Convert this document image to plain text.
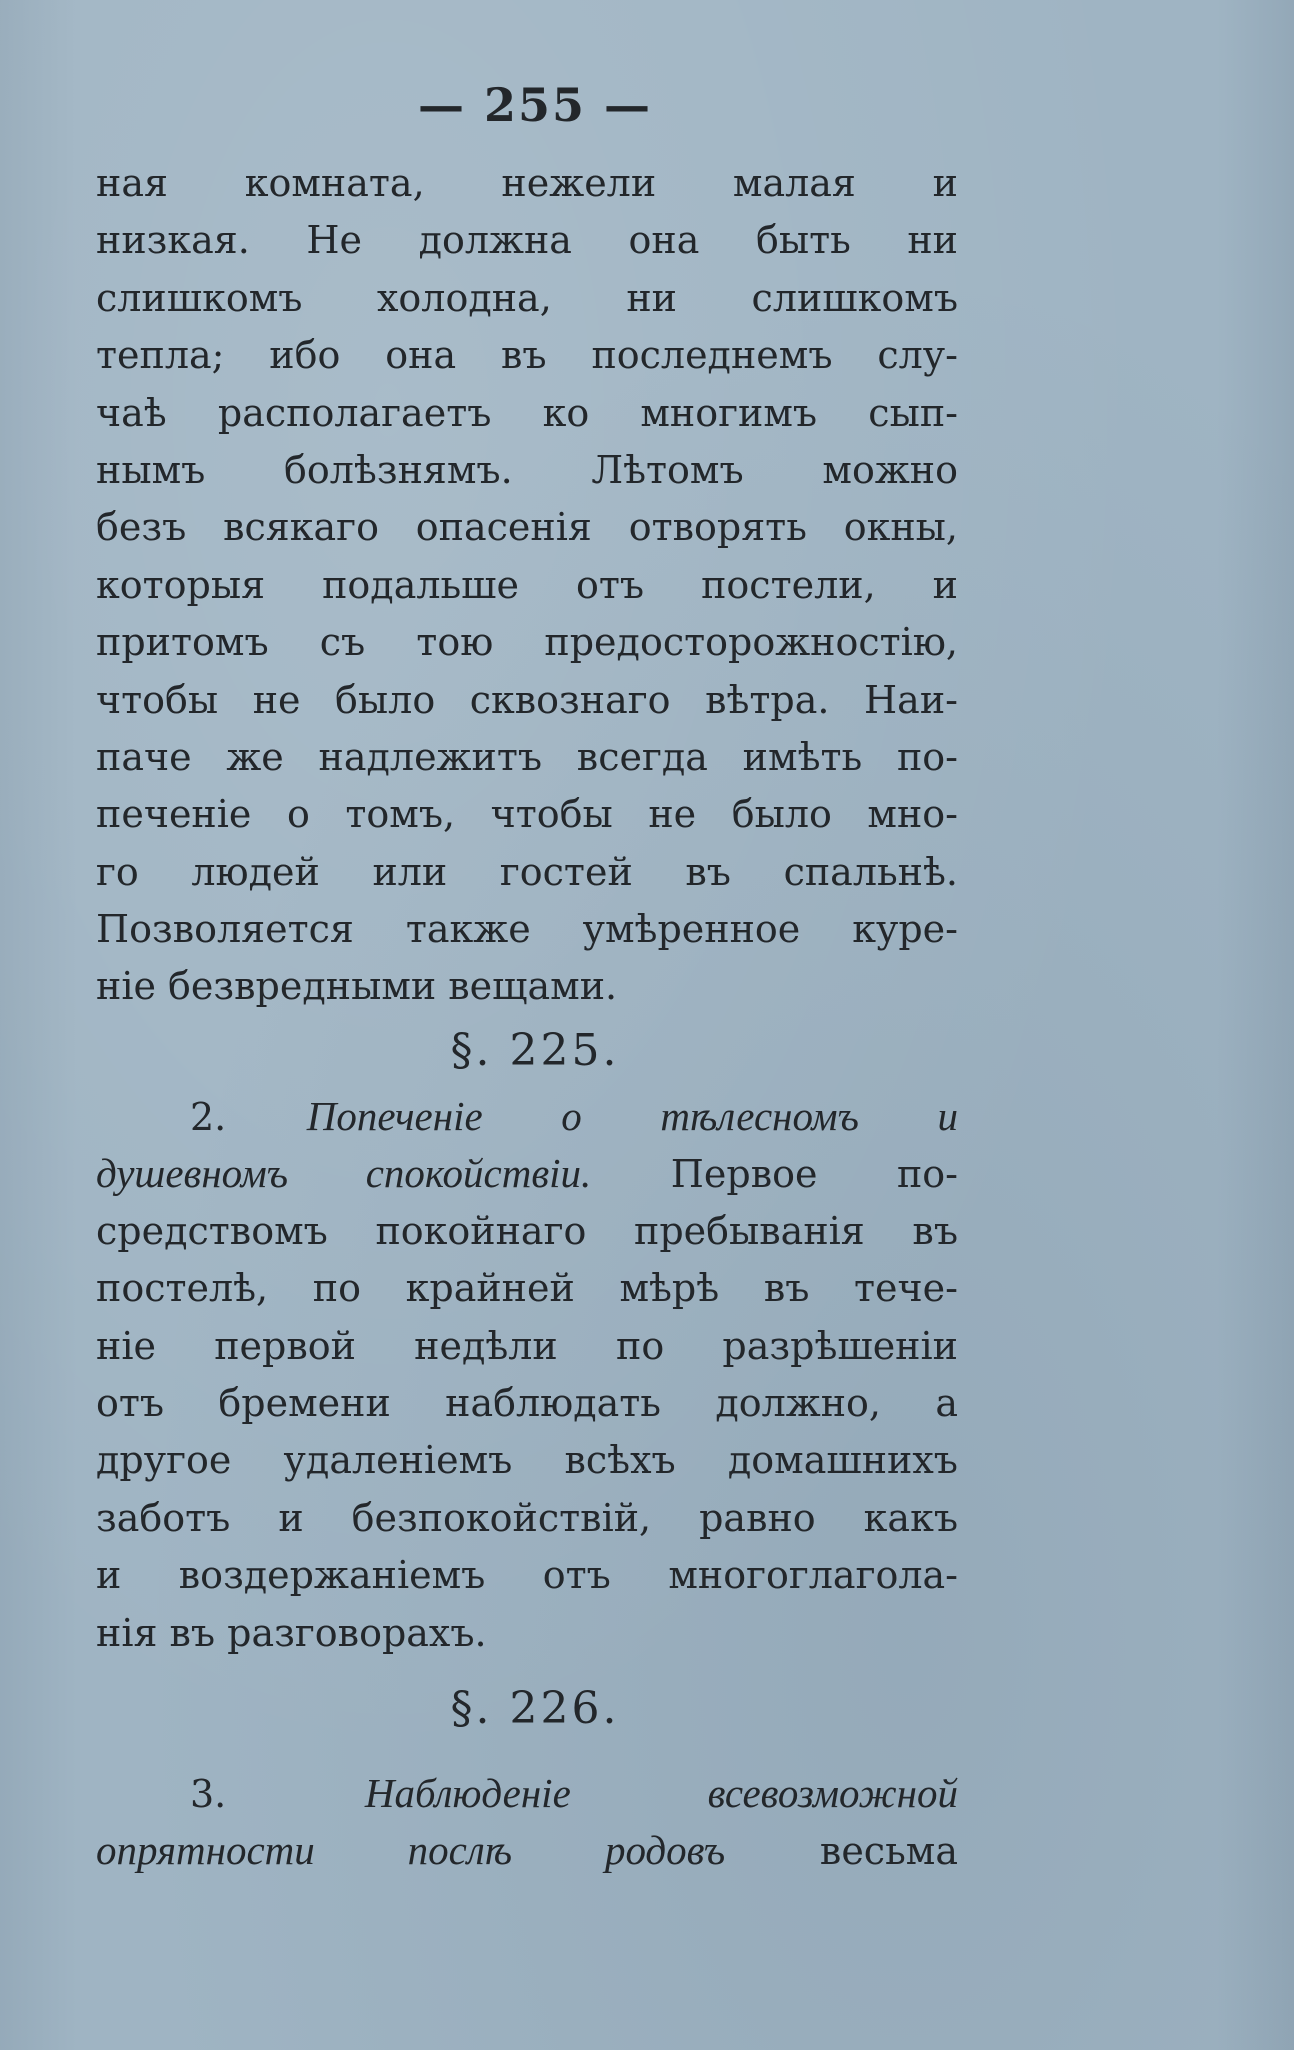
— 255 —
ная комната, нежели малая и
низкая. Не должна она быть ни
слишкомъ холодна, ни слишкомъ
тепла; ибо она въ последнемъ слу-
чаѣ располагаетъ ко многимъ сып-
нымъ болѣзнямъ. Лѣтомъ можно
безъ всякаго опасенія отворять окны,
которыя подальше отъ постели, и
притомъ съ тою предосторожностію,
чтобы не было сквознаго вѣтра. Наи-
паче же надлежитъ всегда имѣть по-
печеніе о томъ, чтобы не было мно-
го людей или гостей въ спальнѣ.
Позволяется также умѣренное куре-
ніе безвредными вещами.
§. 225.
2. Попеченіе о тѣлесномъ и
душевномъ спокойствіи. Первое по-
средствомъ покойнаго пребыванія въ
постелѣ, по крайней мѣрѣ въ тече-
ніе первой недѣли по разрѣшеніи
отъ бремени наблюдать должно, а
другое удаленіемъ всѣхъ домашнихъ
заботъ и безпокойствій, равно какъ
и воздержаніемъ отъ многоглагола-
нія въ разговорахъ.
§. 226.
3.	Наблюденіе всевозможной
опрятности послѣ родовъ весьма
